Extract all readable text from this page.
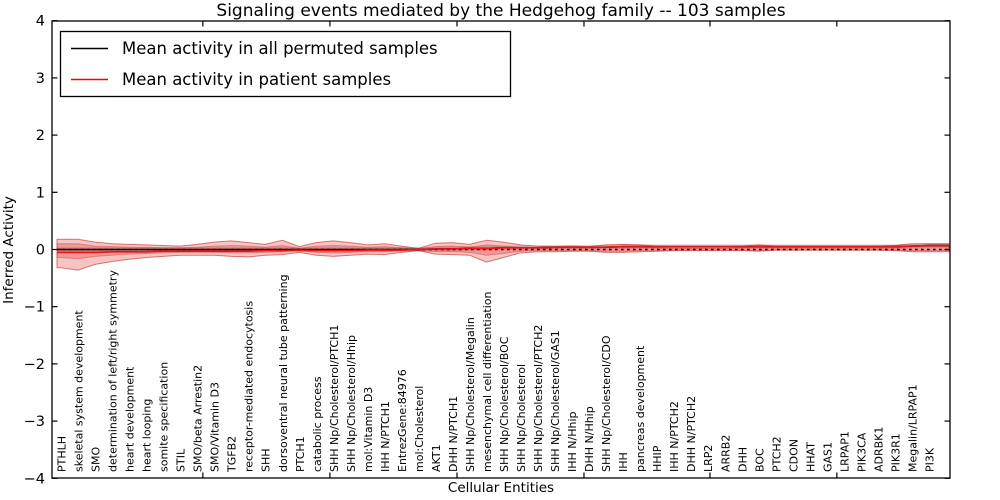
4
3
2
1
0
−1
−2
−3
−4
PTHLH skeletal system development SMO determination of left/right symmetry heart development heart looping somite specification STIL SMO/beta Arrestin2 SMO/Vitamin D3 TGFB2 receptor-mediated endocytosis SHH dorsoventral neural tube patterning PTCH1 catabolic process SHH Np/Cholesterol/PTCH1 SHH Np/Cholesterol/Hhip mol:Vitamin D3 IHH N/PTCH1 EntrezGene:84976 mol:Cholesterol AKT1 DHH N/PTCH1 SHH Np/Cholesterol/Megalin mesenchymal cell differentiation SHH Np/Cholesterol/BOC SHH Np/Cholesterol SHH Np/Cholesterol/PTCH2 SHH Np/Cholesterol/GAS1 IHH N/Hhip DHH N/Hhip SHH Np/Cholesterol/CDO IHH pancreas development HHIP IHH N/PTCH2 DHH N/PTCH2 LRP2 ARRB2 DHH BOC PTCH2 CDON HHAT GAS1 LRPAP1 PIK3CA ADRBK1 PIK3R1 Megalin/LRPAP1 PI3K
Signaling events mediated by the Hedgehog family -- 103 samples
Inferred Activity
Cellular Entities
Mean activity in all permuted samples
Mean activity in patient samples
